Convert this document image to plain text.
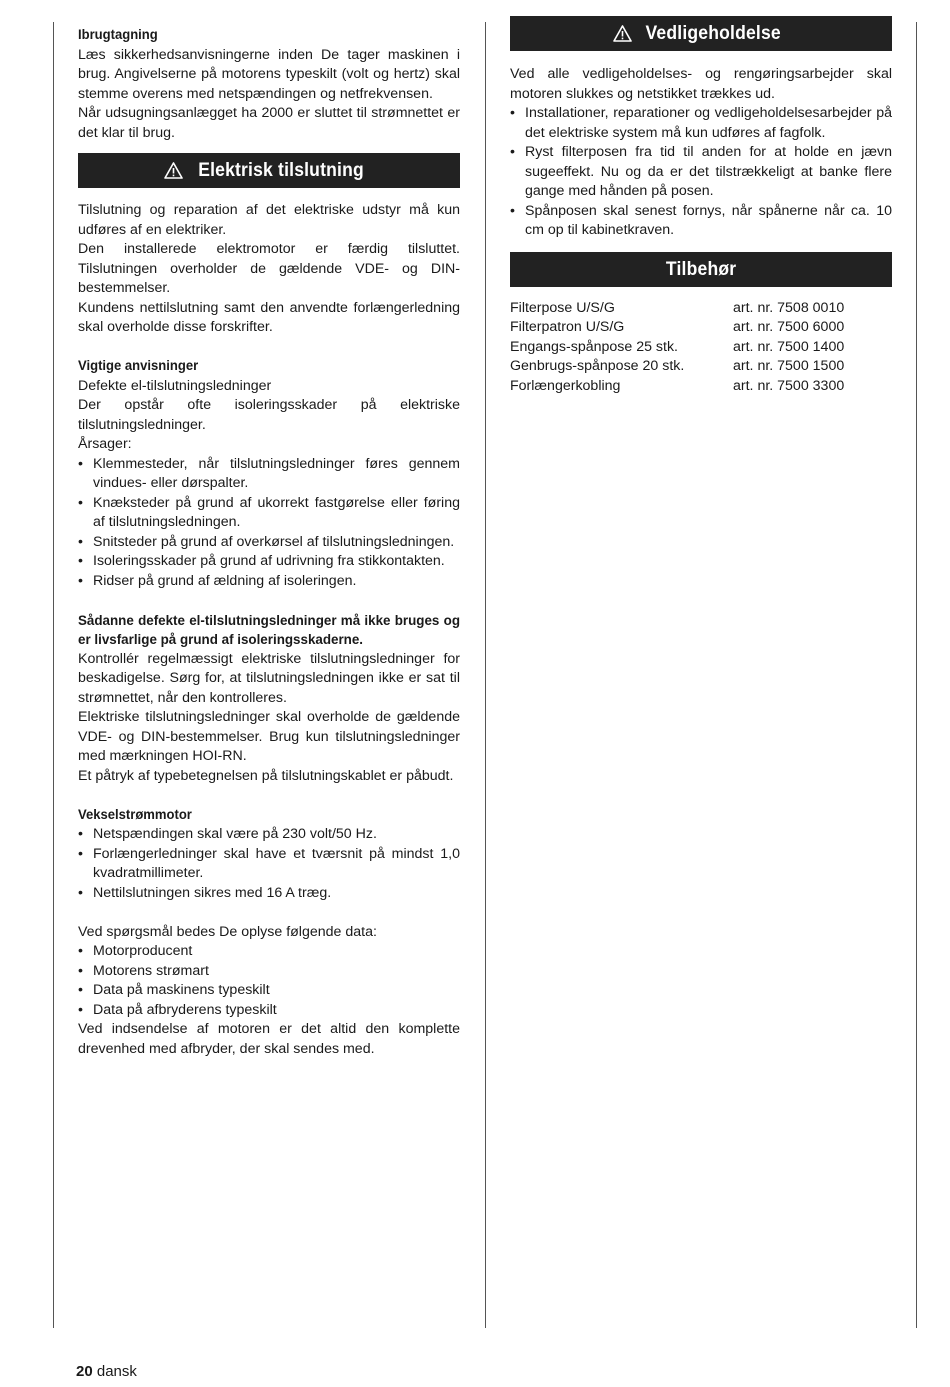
Ibrugtagning

Læs sikkerhedsanvisningerne inden De tager maskinen i brug. Angivelserne på motorens typeskilt (volt og hertz) skal stemme overens med netspændingen og netfrekvensen.

Når udsugningsanlægget ha 2000 er sluttet til strømnettet er det klar til brug.

Elektrisk tilslutning

Tilslutning og reparation af det elektriske udstyr må kun udføres af en elektriker.

Den installerede elektromotor er færdig tilsluttet. Tilslutningen overholder de gældende VDE- og DIN-bestemmelser.

Kundens nettilslutning samt den anvendte forlængerledning skal overholde disse forskrifter.

Vigtige anvisninger

Defekte el-tilslutningsledninger

Der opstår ofte isoleringsskader på elektriske tilslutningsledninger.

Årsager:

• Klemmesteder, når tilslutningsledninger føres gennem vindues- eller dørspalter.
• Knæksteder på grund af ukorrekt fastgørelse eller føring af tilslutningsledningen.
• Snitsteder på grund af overkørsel af tilslutningsledningen.
• Isoleringsskader på grund af udrivning fra stikkontakten.
• Ridser på grund af ældning af isoleringen.
Sådanne defekte el-tilslutningsledninger må ikke bruges og er livsfarlige på grund af isoleringsskaderne.

Kontrollér regelmæssigt elektriske tilslutningsledninger for beskadigelse. Sørg for, at tilslutningsledningen ikke er sat til strømnettet, når den kontrolleres.

Elektriske tilslutningsledninger skal overholde de gældende VDE- og DIN-bestemmelser. Brug kun tilslutningsledninger med mærkningen HOI-RN.

Et påtryk af typebetegnelsen på tilslutningskablet er påbudt.

Vekselstrømmotor
• Netspændingen skal være på 230 volt/50 Hz.
• Forlængerledninger skal have et tværsnit på mindst 1,0 kvadratmillimeter.
• Nettilslutningen sikres med 16 A træg.

Ved spørgsmål bedes De oplyse følgende data:

• Motorproducent
• Motorens strømart
• Data på maskinens typeskilt
• Data på afbryderens typeskilt

Ved indsendelse af motoren er det altid den komplette drevenhed med afbryder, der skal sendes med.

Vedligeholdelse

Ved alle vedligeholdelses- og rengøringsarbejder skal motoren slukkes og netstikket trækkes ud.

• Installationer, reparationer og vedligeholdelsesarbejder på det elektriske system må kun udføres af fagfolk.
• Ryst filterposen fra tid til anden for at holde en jævn sugeeffekt. Nu og da er det tilstrækkeligt at banke flere gange med hånden på posen.
• Spånposen skal senest fornys, når spånerne når ca. 10 cm op til kabinetkraven.
Tilbehør
Filterpose U/S/G	art. nr. 7508 0010
Filterpatron U/S/G	art. nr. 7500 6000
Engangs-spånpose 25 stk.	art. nr. 7500 1400
Genbrugs-spånpose 20 stk.	art. nr. 7500 1500
Forlængerkobling	art. nr. 7500 3300
20 dansk
